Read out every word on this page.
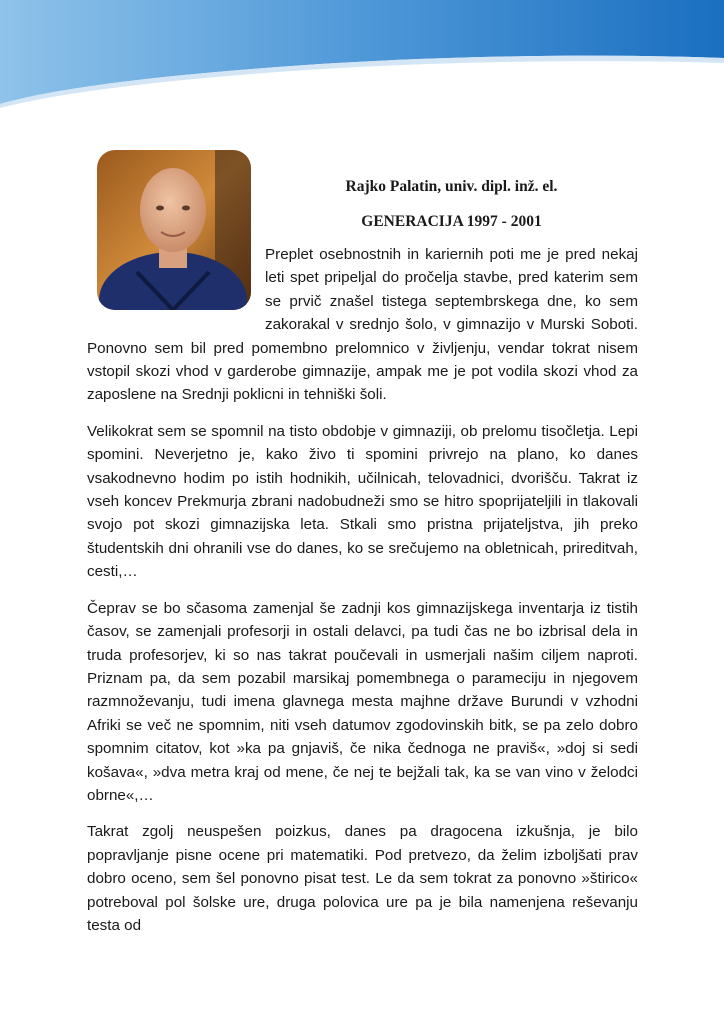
Rajko Palatin, univ. dipl. inž. el.
GENERACIJA 1997 - 2001

Preplet osebnostnih in kariernih poti me je pred nekaj leti spet pripeljal do pročelja stavbe, pred katerim sem se prvič znašel tistega septembrskega dne, ko sem zakorakal v srednjo šolo, v gimnazijo v Murski Soboti. Ponovno sem bil pred pomembno prelomnico v življenju, vendar tokrat nisem vstopil skozi vhod v garderobe gimnazije, ampak me je pot vodila skozi vhod za zaposlene na Srednji poklicni in tehniški šoli.

Velikokrat sem se spomnil na tisto obdobje v gimnaziji, ob prelomu tisočletja. Lepi spomini. Neverjetno je, kako živo ti spomini privrejo na plano, ko danes vsakodnevno hodim po istih hodnikih, učilnicah, telovadnici, dvorišču. Takrat iz vseh koncev Prekmurja zbrani nadobudneži smo se hitro spoprijateljili in tlakovali svojo pot skozi gimnazijska leta. Stkali smo pristna prijateljstva, jih preko študentskih dni ohranili vse do danes, ko se srečujemo na obletnicah, prireditvah, cesti,…

Čeprav se bo sčasoma zamenjal še zadnji kos gimnazijskega inventarja iz tistih časov, se zamenjali profesorji in ostali delavci, pa tudi čas ne bo izbrisal dela in truda profesorjev, ki so nas takrat poučevali in usmerjali našim ciljem naproti. Priznam pa, da sem pozabil marsikaj pomembnega o parameciju in njegovem razmnoževanju, tudi imena glavnega mesta majhne države Burundi v vzhodni Afriki se več ne spomnim, niti vseh datumov zgodovinskih bitk, se pa zelo dobro spomnim citatov, kot »ka pa gnjaviš, če nika čednoga ne praviš«, »doj si sedi košava«, »dva metra kraj od mene, če nej te bejžali tak, ka se van vino v želodci obrne«,…

Takrat zgolj neuspešen poizkus, danes pa dragocena izkušnja, je bilo popravljanje pisne ocene pri matematiki. Pod pretvezo, da želim izboljšati prav dobro oceno, sem šel ponovno pisat test. Le da sem tokrat za ponovno »štirico« potreboval pol šolske ure, druga polovica ure pa je bila namenjena reševanju testa od
